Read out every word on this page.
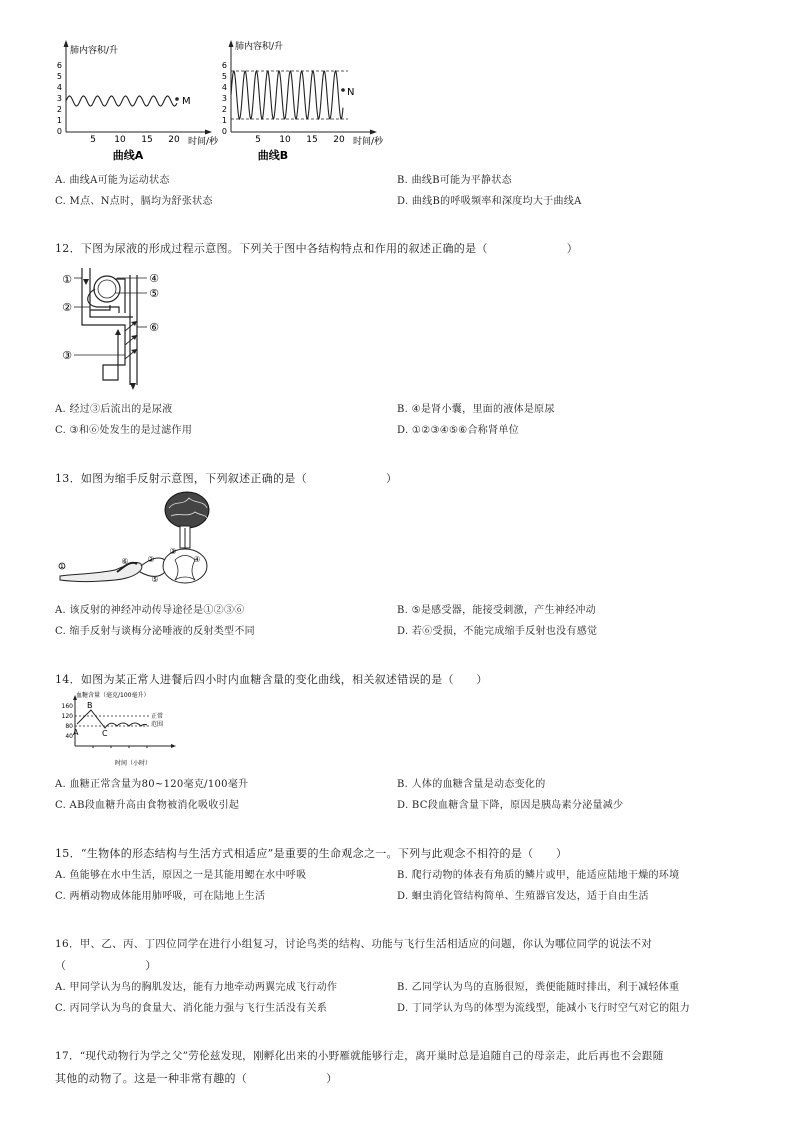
肺内容积/升
6
5
4
3
2
1
0
5 10 15 20 时间/秒
M
曲线A
肺内容积/升
6
5
4
3
2
1
0
5 10 15 20 时间/秒
N
曲线B
A. 曲线A可能为运动状态	B. 曲线B可能为平静状态
C. M点、N点时，膈均为舒张状态	D. 曲线B的呼吸频率和深度均大于曲线A
12．下图为尿液的形成过程示意图。下列关于图中各结构特点和作用的叙述正确的是（　　　　　　　）
①
②
③
④
⑤
⑥
A. 经过③后流出的是尿液	B. ④是肾小囊，里面的液体是原尿
C. ③和⑥处发生的是过滤作用	D. ①②③④⑤⑥合称肾单位
13．如图为缩手反射示意图，下列叙述正确的是（　　　　　　　）
①
②
③
④
⑤
⑥
A. 该反射的神经冲动传导途径是①②③⑥	B. ⑤是感受器，能接受刺激，产生神经冲动
C. 缩手反射与谈梅分泌唾液的反射类型不同	D. 若⑥受损，不能完成缩手反射也没有感觉
14．如图为某正常人进餐后四小时内血糖含量的变化曲线，相关叙述错误的是（　　）
血糖含量（毫克/100毫升）
160
120
80
40 A
B
C
正常
范围
时间（小时）
A. 血糖正常含量为80~120毫克/100毫升	B. 人体的血糖含量是动态变化的
C. AB段血糖升高由食物被消化吸收引起	D. BC段血糖含量下降，原因是胰岛素分泌量减少
15．“生物体的形态结构与生活方式相适应”是重要的生命观念之一。下列与此观念不相符的是（　　）
A. 鱼能够在水中生活，原因之一是其能用鳃在水中呼吸	B. 爬行动物的体表有角质的鳞片或甲，能适应陆地干燥的环境
C. 两栖动物成体能用肺呼吸，可在陆地上生活	D. 蛔虫消化管结构简单、生殖器官发达，适于自由生活
16．甲、乙、丙、丁四位同学在进行小组复习，讨论鸟类的结构、功能与飞行生活相适应的问题，你认为哪位同学的说法不对
（　　　　　　　）
A. 甲同学认为鸟的胸肌发达，能有力地牵动两翼完成飞行动作	B. 乙同学认为鸟的直肠很短，粪便能随时排出，利于减轻体重
C. 丙同学认为鸟的食量大、消化能力强与飞行生活没有关系	D. 丁同学认为鸟的体型为流线型，能减小飞行时空气对它的阻力
17．“现代动物行为学之父”劳伦兹发现，刚孵化出来的小野雁就能够行走，离开巢时总是追随自己的母亲走，此后再也不会跟随
其他的动物了。这是一种非常有趣的（　　　　　　　）
